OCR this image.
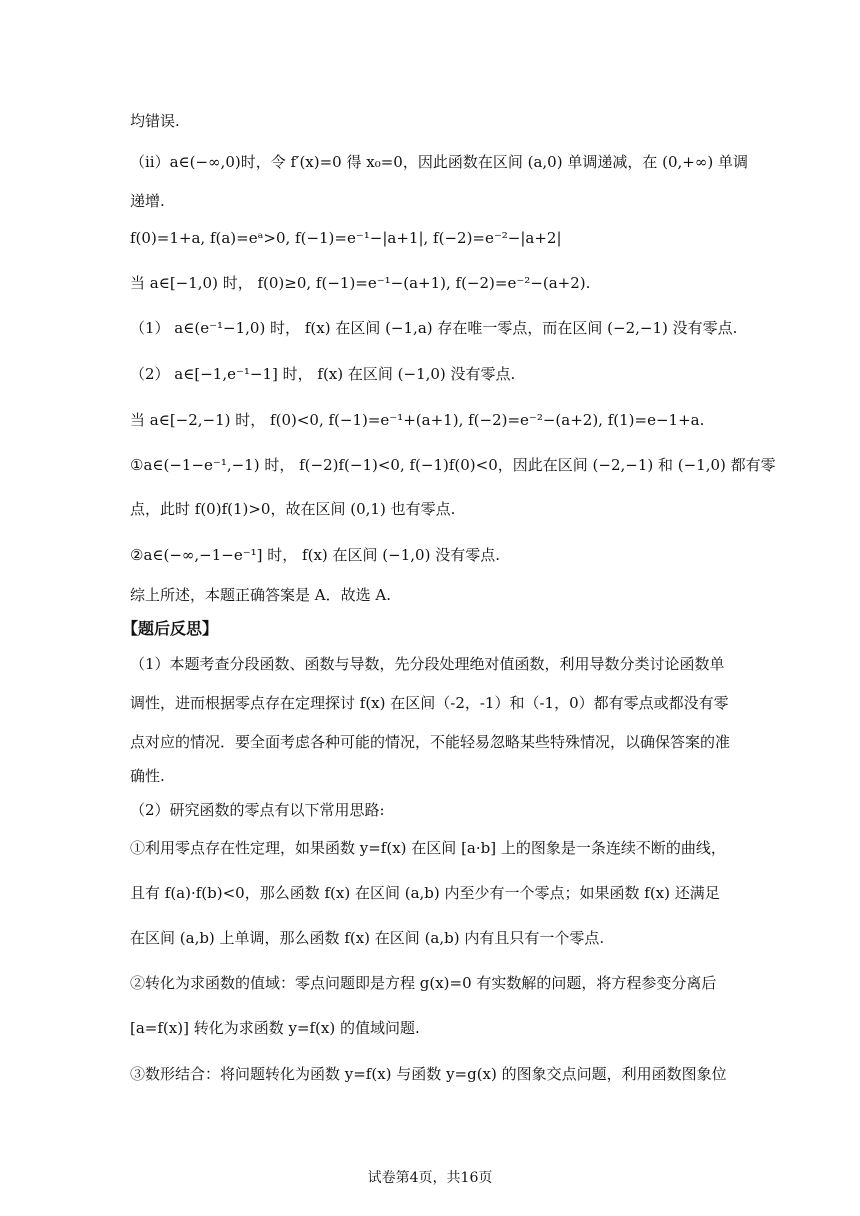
均错误.
（ii）a∈(−∞,0)时，令 f′(x)=0 得 x₀=0，因此函数在区间 (a,0) 单调递减，在 (0,+∞) 单调
递增.
f(0)=1+a, f(a)=eᵃ>0, f(−1)=e⁻¹−|a+1|, f(−2)=e⁻²−|a+2|
当 a∈[−1,0) 时， f(0)≥0, f(−1)=e⁻¹−(a+1), f(−2)=e⁻²−(a+2).
（1） a∈(e⁻¹−1,0) 时， f(x) 在区间 (−1,a) 存在唯一零点，而在区间 (−2,−1) 没有零点.
（2） a∈[−1,e⁻¹−1] 时， f(x) 在区间 (−1,0) 没有零点.
当 a∈[−2,−1) 时， f(0)<0, f(−1)=e⁻¹+(a+1), f(−2)=e⁻²−(a+2), f(1)=e−1+a.
①a∈(−1−e⁻¹,−1) 时， f(−2)f(−1)<0, f(−1)f(0)<0，因此在区间 (−2,−1) 和 (−1,0) 都有零
点，此时 f(0)f(1)>0，故在区间 (0,1) 也有零点.
②a∈(−∞,−1−e⁻¹] 时， f(x) 在区间 (−1,0) 没有零点.
综上所述，本题正确答案是 A．故选 A.
【题后反思】
（1）本题考查分段函数、函数与导数，先分段处理绝对值函数，利用导数分类讨论函数单
调性，进而根据零点存在定理探讨 f(x) 在区间（-2，-1）和（-1，0）都有零点或都没有零
点对应的情况．要全面考虑各种可能的情况，不能轻易忽略某些特殊情况，以确保答案的准
确性.
（2）研究函数的零点有以下常用思路:
①利用零点存在性定理，如果函数 y=f(x) 在区间 [a·b] 上的图象是一条连续不断的曲线，
且有 f(a)·f(b)<0，那么函数 f(x) 在区间 (a,b) 内至少有一个零点；如果函数 f(x) 还满足
在区间 (a,b) 上单调，那么函数 f(x) 在区间 (a,b) 内有且只有一个零点.
②转化为求函数的值域：零点问题即是方程 g(x)=0 有实数解的问题，将方程参变分离后
[a=f(x)] 转化为求函数 y=f(x) 的值域问题.
③数形结合：将问题转化为函数 y=f(x) 与函数 y=g(x) 的图象交点问题，利用函数图象位
试卷第4页，共16页
